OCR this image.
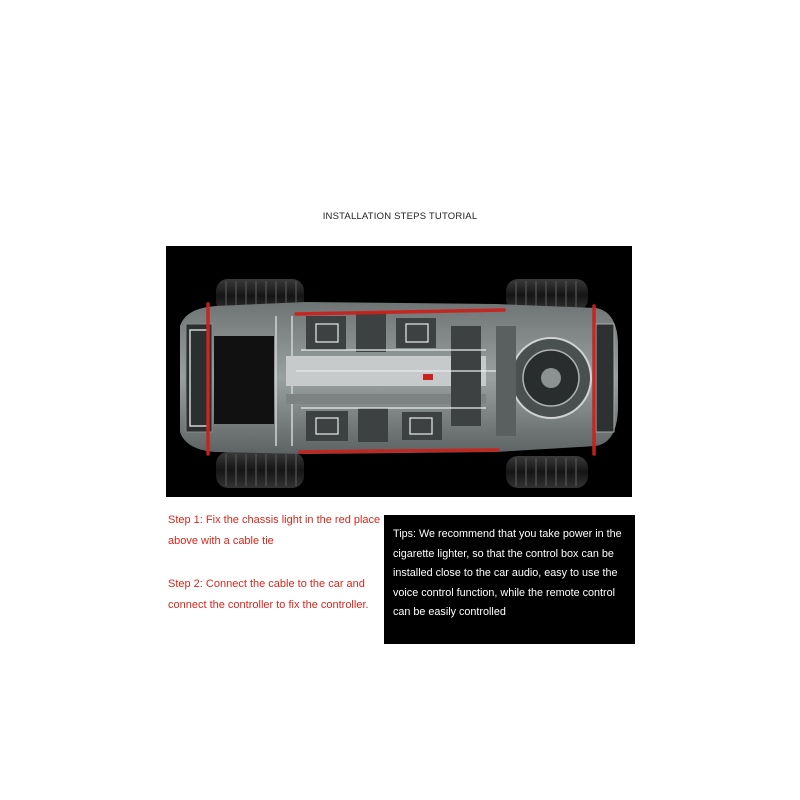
INSTALLATION STEPS TUTORIAL
Step 1: Fix the chassis light in the red place above with a cable tie
Step 2: Connect the cable to the car and connect the controller to fix the controller.
Tips: We recommend that you take power in the cigarette lighter, so that the control box can be installed close to the car audio, easy to use the voice control function, while the remote control can be easily controlled
